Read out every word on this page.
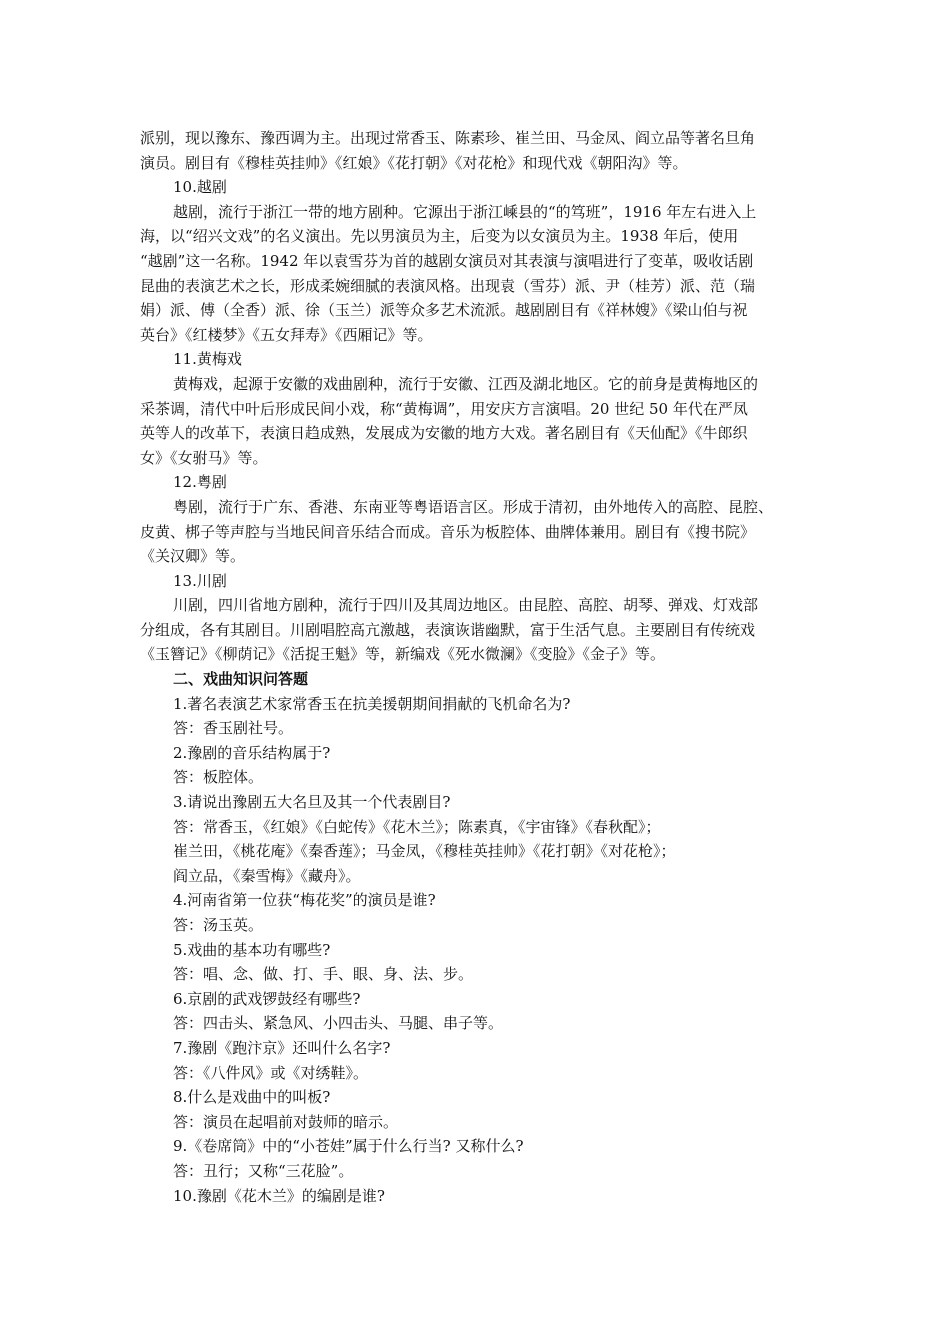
派别，现以豫东、豫西调为主。出现过常香玉、陈素珍、崔兰田、马金凤、阎立品等著名旦角
演员。剧目有《穆桂英挂帅》《红娘》《花打朝》《对花枪》和现代戏《朝阳沟》等。
10.越剧
越剧，流行于浙江一带的地方剧种。它源出于浙江嵊县的“的笃班”，1916 年左右进入上
海，以“绍兴文戏”的名义演出。先以男演员为主，后变为以女演员为主。1938 年后，使用
“越剧”这一名称。1942 年以袁雪芬为首的越剧女演员对其表演与演唱进行了变革，吸收话剧
昆曲的表演艺术之长，形成柔婉细腻的表演风格。出现袁（雪芬）派、尹（桂芳）派、范（瑞
娟）派、傅（全香）派、徐（玉兰）派等众多艺术流派。越剧剧目有《祥林嫂》《梁山伯与祝
英台》《红楼梦》《五女拜寿》《西厢记》等。
11.黄梅戏
黄梅戏，起源于安徽的戏曲剧种，流行于安徽、江西及湖北地区。它的前身是黄梅地区的
采茶调，清代中叶后形成民间小戏，称“黄梅调”，用安庆方言演唱。20 世纪 50 年代在严凤
英等人的改革下，表演日趋成熟，发展成为安徽的地方大戏。著名剧目有《天仙配》《牛郎织
女》《女驸马》等。
12.粤剧
粤剧，流行于广东、香港、东南亚等粤语语言区。形成于清初，由外地传入的高腔、昆腔、
皮黄、梆子等声腔与当地民间音乐结合而成。音乐为板腔体、曲牌体兼用。剧目有《搜书院》
《关汉卿》等。
13.川剧
川剧，四川省地方剧种，流行于四川及其周边地区。由昆腔、高腔、胡琴、弹戏、灯戏部
分组成，各有其剧目。川剧唱腔高亢激越，表演诙谐幽默，富于生活气息。主要剧目有传统戏
《玉簪记》《柳荫记》《活捉王魁》等，新编戏《死水微澜》《变脸》《金子》等。
二、戏曲知识问答题
1.著名表演艺术家常香玉在抗美援朝期间捐献的飞机命名为?
答：香玉剧社号。
2.豫剧的音乐结构属于?
答：板腔体。
3.请说出豫剧五大名旦及其一个代表剧目?
答：常香玉，《红娘》《白蛇传》《花木兰》；陈素真，《宇宙锋》《春秋配》；
崔兰田，《桃花庵》《秦香莲》；马金凤，《穆桂英挂帅》《花打朝》《对花枪》；
阎立品，《秦雪梅》《藏舟》。
4.河南省第一位获“梅花奖”的演员是谁?
答：汤玉英。
5.戏曲的基本功有哪些?
答：唱、念、做、打、手、眼、身、法、步。
6.京剧的武戏锣鼓经有哪些?
答：四击头、紧急风、小四击头、马腿、串子等。
7.豫剧《跑汴京》还叫什么名字?
答：《八件风》或《对绣鞋》。
8.什么是戏曲中的叫板?
答：演员在起唱前对鼓师的暗示。
9.《卷席筒》中的“小苍娃”属于什么行当? 又称什么?
答：丑行；又称“三花脸”。
10.豫剧《花木兰》的编剧是谁?
